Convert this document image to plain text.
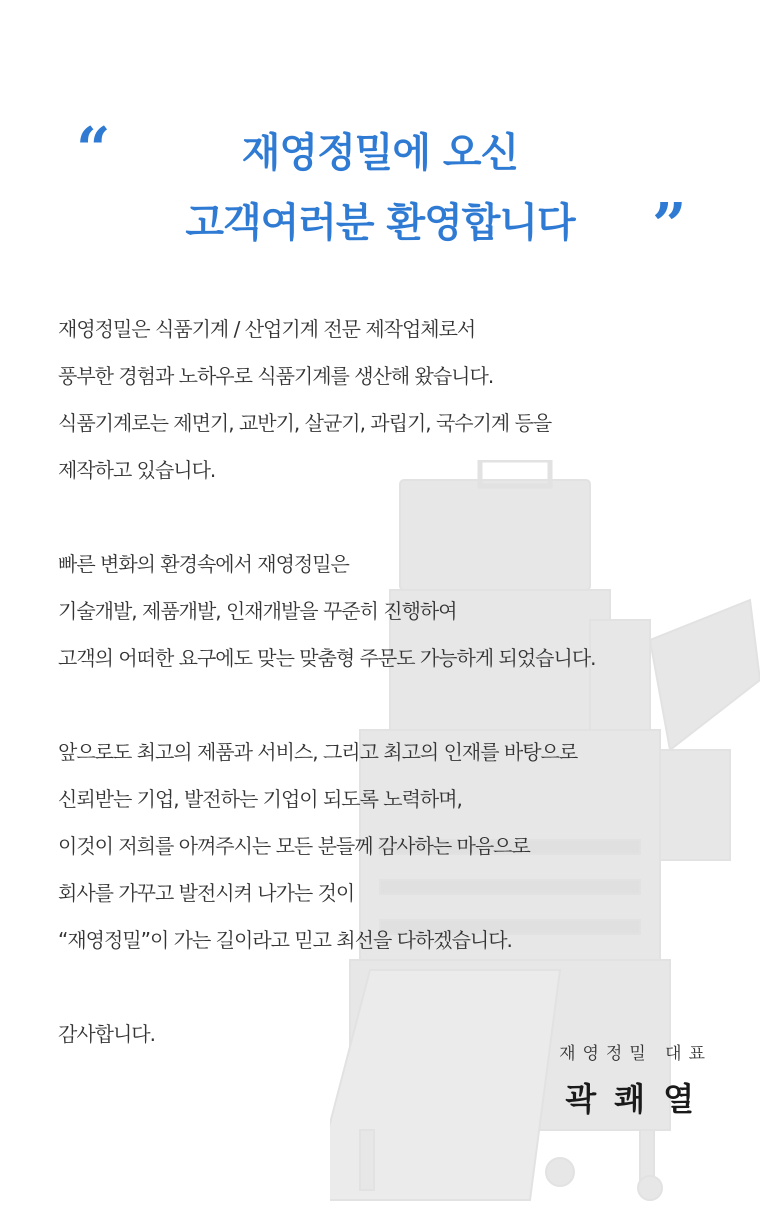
“
”
재영정밀에 오신
고객여러분 환영합니다
재영정밀은 식품기계 / 산업기계 전문 제작업체로서
풍부한 경험과 노하우로 식품기계를 생산해 왔습니다.
식품기계로는 제면기, 교반기, 살균기, 과립기, 국수기계 등을
제작하고 있습니다.
빠른 변화의 환경속에서 재영정밀은
기술개발, 제품개발, 인재개발을 꾸준히 진행하여
고객의 어떠한 요구에도 맞는 맞춤형 주문도 가능하게 되었습니다.
앞으로도 최고의 제품과 서비스, 그리고 최고의 인재를 바탕으로
신뢰받는 기업, 발전하는 기업이 되도록 노력하며,
이것이 저희를 아껴주시는 모든 분들께 감사하는 마음으로
회사를 가꾸고 발전시켜 나가는 것이
“재영정밀”이 가는 길이라고 믿고 최선을 다하겠습니다.
감사합니다.
재영정밀 대표
곽쾌열
